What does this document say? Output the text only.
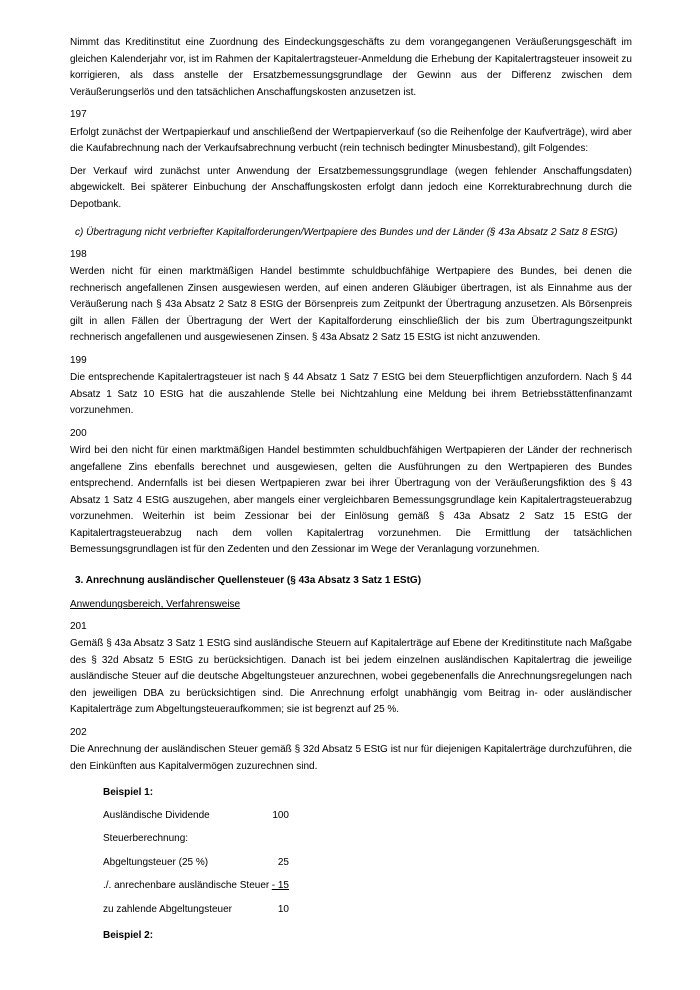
Nimmt das Kreditinstitut eine Zuordnung des Eindeckungsgeschäfts zu dem vorangegangenen Veräußerungsgeschäft im gleichen Kalenderjahr vor, ist im Rahmen der Kapitalertragsteuer-Anmeldung die Erhebung der Kapitalertragsteuer insoweit zu korrigieren, als dass anstelle der Ersatzbemessungsgrundlage der Gewinn aus der Differenz zwischen dem Veräußerungserlös und den tatsächlichen Anschaffungskosten anzusetzen ist.

197

Erfolgt zunächst der Wertpapierkauf und anschließend der Wertpapierverkauf (so die Reihenfolge der Kaufverträge), wird aber die Kaufabrechnung nach der Verkaufsabrechnung verbucht (rein technisch bedingter Minusbestand), gilt Folgendes:

Der Verkauf wird zunächst unter Anwendung der Ersatzbemessungsgrundlage (wegen fehlender Anschaffungsdaten) abgewickelt. Bei späterer Einbuchung der Anschaffungskosten erfolgt dann jedoch eine Korrekturabrechnung durch die Depotbank.

c) Übertragung nicht verbriefter Kapitalforderungen/Wertpapiere des Bundes und der Länder (§ 43a Absatz 2 Satz 8 EStG)

198

Werden nicht für einen marktmäßigen Handel bestimmte schuldbuchfähige Wertpapiere des Bundes, bei denen die rechnerisch angefallenen Zinsen ausgewiesen werden, auf einen anderen Gläubiger übertragen, ist als Einnahme aus der Veräußerung nach § 43a Absatz 2 Satz 8 EStG der Börsenpreis zum Zeitpunkt der Übertragung anzusetzen. Als Börsenpreis gilt in allen Fällen der Übertragung der Wert der Kapitalforderung einschließlich der bis zum Übertragungszeitpunkt rechnerisch angefallenen und ausgewiesenen Zinsen. § 43a Absatz 2 Satz 15 EStG ist nicht anzuwenden.

199

Die entsprechende Kapitalertragsteuer ist nach § 44 Absatz 1 Satz 7 EStG bei dem Steuerpflichtigen anzufordern. Nach § 44 Absatz 1 Satz 10 EStG hat die auszahlende Stelle bei Nichtzahlung eine Meldung bei ihrem Betriebsstättenfinanzamt vorzunehmen.

200

Wird bei den nicht für einen marktmäßigen Handel bestimmten schuldbuchfähigen Wertpapieren der Länder der rechnerisch angefallene Zins ebenfalls berechnet und ausgewiesen, gelten die Ausführungen zu den Wertpapieren des Bundes entsprechend. Andernfalls ist bei diesen Wertpapieren zwar bei ihrer Übertragung von der Veräußerungsfiktion des § 43 Absatz 1 Satz 4 EStG auszugehen, aber mangels einer vergleichbaren Bemessungsgrundlage kein Kapitalertragsteuerabzug vorzunehmen. Weiterhin ist beim Zessionar bei der Einlösung gemäß § 43a Absatz 2 Satz 15 EStG der Kapitalertragsteuerabzug nach dem vollen Kapitalertrag vorzunehmen. Die Ermittlung der tatsächlichen Bemessungsgrundlagen ist für den Zedenten und den Zessionar im Wege der Veranlagung vorzunehmen.

3. Anrechnung ausländischer Quellensteuer (§ 43a Absatz 3 Satz 1 EStG)

Anwendungsbereich, Verfahrensweise

201

Gemäß § 43a Absatz 3 Satz 1 EStG sind ausländische Steuern auf Kapitalerträge auf Ebene der Kreditinstitute nach Maßgabe des § 32d Absatz 5 EStG zu berücksichtigen. Danach ist bei jedem einzelnen ausländischen Kapitalertrag die jeweilige ausländische Steuer auf die deutsche Abgeltungsteuer anzurechnen, wobei gegebenenfalls die Anrechnungsregelungen nach den jeweiligen DBA zu berücksichtigen sind. Die Anrechnung erfolgt unabhängig vom Beitrag in- oder ausländischer Kapitalerträge zum Abgeltungsteueraufkommen; sie ist begrenzt auf 25 %.

202

Die Anrechnung der ausländischen Steuer gemäß § 32d Absatz 5 EStG ist nur für diejenigen Kapitalerträge durchzuführen, die den Einkünften aus Kapitalvermögen zuzurechnen sind.

Beispiel 1:

Ausländische Dividende	100
Steuerberechnung:
Abgeltungsteuer (25 %)	25
./. anrechenbare ausländische Steuer - 15
zu zahlende Abgeltungsteuer	10

Beispiel 2:
